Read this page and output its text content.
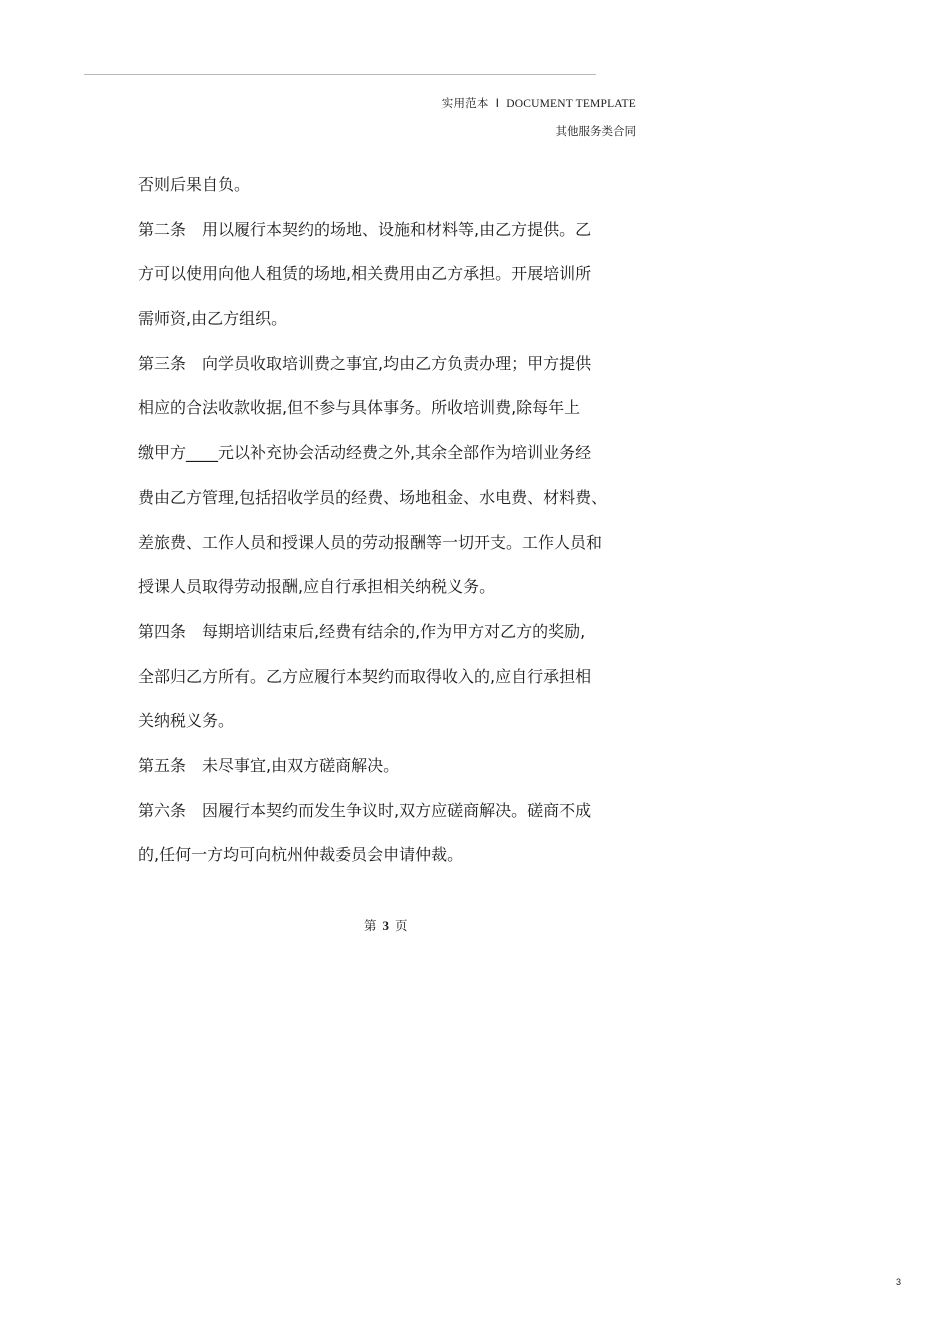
实用范本 I DOCUMENT TEMPLATE
其他服务类合同
否则后果自负。
第二条　用以履行本契约的场地、设施和材料等,由乙方提供。乙
方可以使用向他人租赁的场地,相关费用由乙方承担。开展培训所
需师资,由乙方组织。
第三条　向学员收取培训费之事宜,均由乙方负责办理；甲方提供
相应的合法收款收据,但不参与具体事务。所收培训费,除每年上
缴甲方____元以补充协会活动经费之外,其余全部作为培训业务经
费由乙方管理,包括招收学员的经费、场地租金、水电费、材料费、
差旅费、工作人员和授课人员的劳动报酬等一切开支。工作人员和
授课人员取得劳动报酬,应自行承担相关纳税义务。
第四条　每期培训结束后,经费有结余的,作为甲方对乙方的奖励,
全部归乙方所有。乙方应履行本契约而取得收入的,应自行承担相
关纳税义务。
第五条　未尽事宜,由双方磋商解决。
第六条　因履行本契约而发生争议时,双方应磋商解决。磋商不成
的,任何一方均可向杭州仲裁委员会申请仲裁。
第 3 页
3
